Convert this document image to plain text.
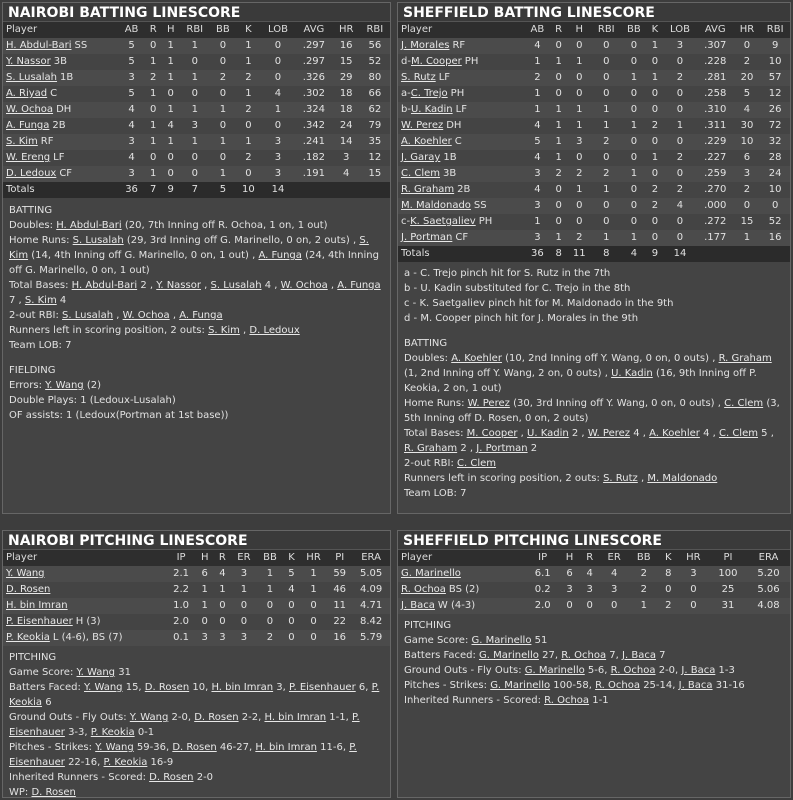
NAIROBI BATTING LINESCORE
Player	AB	R	H	RBI	BB	K	LOB	AVG	HR	RBI
H. Abdul-Bari SS	5	0	1	1	0	1	0	.297	16	56
Y. Nassor 3B	5	1	1	0	0	1	0	.297	15	52
S. Lusalah 1B	3	2	1	1	2	2	0	.326	29	80
A. Riyad C	5	1	0	0	0	1	4	.302	18	66
W. Ochoa DH	4	0	1	1	1	2	1	.324	18	62
A. Funga 2B	4	1	4	3	0	0	0	.342	24	79
S. Kim RF	3	1	1	1	1	1	3	.241	14	35
W. Ereng LF	4	0	0	0	0	2	3	.182	3	12
D. Ledoux CF	3	1	0	0	1	0	3	.191	4	15
Totals	36	7	9	7	5	10	14			
BATTING
Doubles: H. Abdul-Bari (20, 7th Inning off R. Ochoa, 1 on, 1 out)
Home Runs: S. Lusalah (29, 3rd Inning off G. Marinello, 0 on, 2 outs) , S. Kim (14, 4th Inning off G. Marinello, 0 on, 1 out) , A. Funga (24, 4th Inning off G. Marinello, 0 on, 1 out)
Total Bases: H. Abdul-Bari 2 , Y. Nassor , S. Lusalah 4 , W. Ochoa , A. Funga 7 , S. Kim 4
2-out RBI: S. Lusalah , W. Ochoa , A. Funga
Runners left in scoring position, 2 outs: S. Kim , D. Ledoux
Team LOB: 7
FIELDING
Errors: Y. Wang (2)
Double Plays: 1 (Ledoux-Lusalah)
OF assists: 1 (Ledoux(Portman at 1st base))
SHEFFIELD BATTING LINESCORE
Player	AB	R	H	RBI	BB	K	LOB	AVG	HR	RBI
J. Morales RF	4	0	0	0	0	1	3	.307	0	9
d-M. Cooper PH	1	1	1	0	0	0	0	.228	2	10
S. Rutz LF	2	0	0	0	1	1	2	.281	20	57
a-C. Trejo PH	1	0	0	0	0	0	0	.258	5	12
b-U. Kadin LF	1	1	1	1	0	0	0	.310	4	26
W. Perez DH	4	1	1	1	1	2	1	.311	30	72
A. Koehler C	5	1	3	2	0	0	0	.229	10	32
J. Garay 1B	4	1	0	0	0	1	2	.227	6	28
C. Clem 3B	3	2	2	2	1	0	0	.259	3	24
R. Graham 2B	4	0	1	1	0	2	2	.270	2	10
M. Maldonado SS	3	0	0	0	0	2	4	.000	0	0
c-K. Saetgaliev PH	1	0	0	0	0	0	0	.272	15	52
J. Portman CF	3	1	2	1	1	0	0	.177	1	16
Totals	36	8	11	8	4	9	14			
a - C. Trejo pinch hit for S. Rutz in the 7th
b - U. Kadin substituted for C. Trejo in the 8th
c - K. Saetgaliev pinch hit for M. Maldonado in the 9th
d - M. Cooper pinch hit for J. Morales in the 9th
BATTING
Doubles: A. Koehler (10, 2nd Inning off Y. Wang, 0 on, 0 outs) , R. Graham (1, 2nd Inning off Y. Wang, 2 on, 0 outs) , U. Kadin (16, 9th Inning off P. Keokia, 2 on, 1 out)
Home Runs: W. Perez (30, 3rd Inning off Y. Wang, 0 on, 0 outs) , C. Clem (3, 5th Inning off D. Rosen, 0 on, 2 outs)
Total Bases: M. Cooper , U. Kadin 2 , W. Perez 4 , A. Koehler 4 , C. Clem 5 , R. Graham 2 , J. Portman 2
2-out RBI: C. Clem
Runners left in scoring position, 2 outs: S. Rutz , M. Maldonado
Team LOB: 7
NAIROBI PITCHING LINESCORE
Player	IP	H	R	ER	BB	K	HR	PI	ERA
Y. Wang	2.1	6	4	3	1	5	1	59	5.05
D. Rosen	2.2	1	1	1	1	4	1	46	4.09
H. bin Imran	1.0	1	0	0	0	0	0	11	4.71
P. Eisenhauer H (3)	2.0	0	0	0	0	0	0	22	8.42
P. Keokia L (4-6), BS (7)	0.1	3	3	3	2	0	0	16	5.79
PITCHING
Game Score: Y. Wang 31
Batters Faced: Y. Wang 15, D. Rosen 10, H. bin Imran 3, P. Eisenhauer 6, P. Keokia 6
Ground Outs - Fly Outs: Y. Wang 2-0, D. Rosen 2-2, H. bin Imran 1-1, P. Eisenhauer 3-3, P. Keokia 0-1
Pitches - Strikes: Y. Wang 59-36, D. Rosen 46-27, H. bin Imran 11-6, P. Eisenhauer 22-16, P. Keokia 16-9
Inherited Runners - Scored: D. Rosen 2-0
WP: D. Rosen
SHEFFIELD PITCHING LINESCORE
Player	IP	H	R	ER	BB	K	HR	PI	ERA
G. Marinello	6.1	6	4	4	2	8	3	100	5.20
R. Ochoa BS (2)	0.2	3	3	3	2	0	0	25	5.06
J. Baca W (4-3)	2.0	0	0	0	1	2	0	31	4.08
PITCHING
Game Score: G. Marinello 51
Batters Faced: G. Marinello 27, R. Ochoa 7, J. Baca 7
Ground Outs - Fly Outs: G. Marinello 5-6, R. Ochoa 2-0, J. Baca 1-3
Pitches - Strikes: G. Marinello 100-58, R. Ochoa 25-14, J. Baca 31-16
Inherited Runners - Scored: R. Ochoa 1-1
